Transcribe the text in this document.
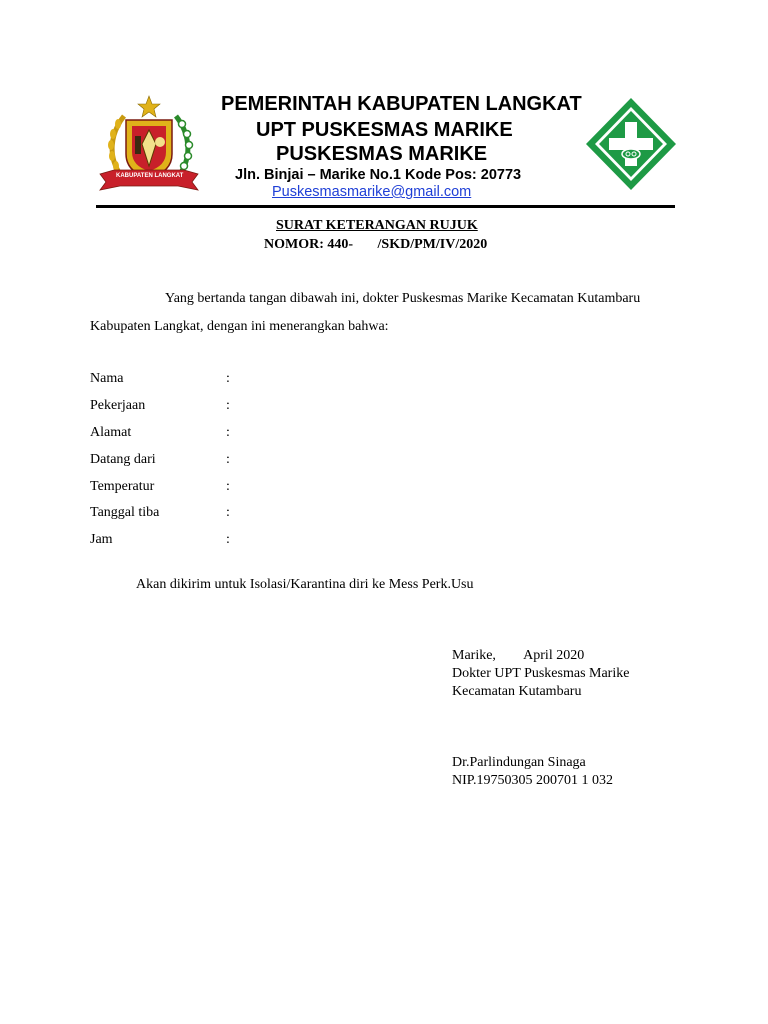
KABUPATEN LANGKAT
PEMERINTAH KABUPATEN LANGKAT
UPT PUSKESMAS MARIKE
PUSKESMAS MARIKE
Jln. Binjai – Marike No.1 Kode Pos: 20773
Puskesmasmarike@gmail.com
SURAT KETERANGAN RUJUK
NOMOR: 440-       /SKD/PM/IV/2020
Yang bertanda tangan dibawah ini, dokter Puskesmas Marike Kecamatan Kutambaru
Kabupaten Langkat, dengan ini menerangkan bahwa:
Nama	:
Pekerjaan	:
Alamat	:
Datang dari	:
Temperatur	:
Tanggal tiba	:
Jam	:
Akan dikirim untuk Isolasi/Karantina diri ke Mess Perk.Usu
Marike,        April 2020
Dokter UPT Puskesmas Marike
Kecamatan Kutambaru
Dr.Parlindungan Sinaga
NIP.19750305 200701 1 032
